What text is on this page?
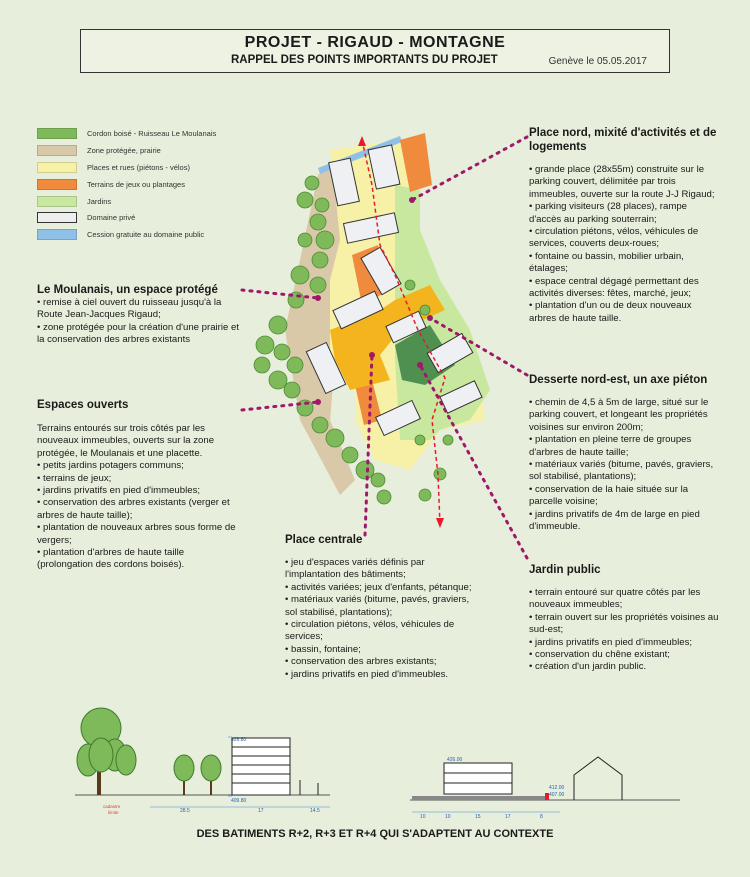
PROJET - RIGAUD - MONTAGNE
RAPPEL DES POINTS IMPORTANTS DU PROJET	Genève le 05.05.2017
Cordon boisé - Ruisseau Le Moulanais
Zone protégée, prairie
Places et rues (piétons - vélos)
Terrains de jeux ou plantages
Jardins
Domaine privé
Cession gratuite au domaine public
426.80
409.80
cadastre
limite	28.5	17	14.5
426.00
412.00
407.00
10	10	15	17	8
Le Moulanais, un espace protégé
• remise à ciel ouvert du ruisseau jusqu'à la Route Jean-Jacques Rigaud;
• zone protégée pour la création d'une prairie et la conservation des arbres existants
Espaces ouverts
Terrains entourés sur trois côtés par les nouveaux immeubles, ouverts sur la zone protégée, le Moulanais et une placette.
• petits jardins potagers communs;
• terrains de jeux;
• jardins privatifs en pied d'immeubles;
• conservation des arbres existants (verger et arbres de haute taille);
• plantation de nouveaux arbres sous forme de vergers;
• plantation d'arbres de haute taille (prolongation des cordons boisés).
Place nord, mixité d'activités et de logements
• grande place (28x55m) construite sur le parking couvert, délimitée par trois immeubles, ouverte sur la route J-J Rigaud;
• parking visiteurs (28 places), rampe d'accès au parking souterrain;
• circulation piétons, vélos, véhicules de services, couverts deux-roues;
• fontaine ou bassin, mobilier urbain, étalages;
• espace central dégagé permettant des activités diverses: fêtes, marché, jeux;
• plantation d'un ou de deux nouveaux arbres de haute taille.
Desserte nord-est, un axe piéton
• chemin de 4,5 à 5m de large, situé sur le parking couvert, et longeant les propriétés voisines sur environ 200m;
• plantation en pleine terre de groupes d'arbres de haute taille;
• matériaux variés (bitume, pavés, graviers, sol stabilisé, plantations);
• conservation de la haie située sur la parcelle voisine;
• jardins privatifs de 4m de large en pied d'immeuble.
Place centrale
• jeu d'espaces variés définis par l'implantation des bâtiments;
• activités variées; jeux d'enfants, pétanque;
• matériaux variés (bitume, pavés, graviers, sol stabilisé, plantations);
• circulation piétons, vélos, véhicules de services;
• bassin, fontaine;
• conservation des arbres existants;
• jardins privatifs en pied d'immeubles.
Jardin public
• terrain entouré sur quatre côtés par les nouveaux immeubles;
• terrain ouvert sur les propriétés voisines au sud-est;
• jardins privatifs en pied d'immeubles;
• conservation du chêne existant;
• création d'un jardin public.
DES BATIMENTS R+2, R+3 ET R+4 QUI S'ADAPTENT AU CONTEXTE
